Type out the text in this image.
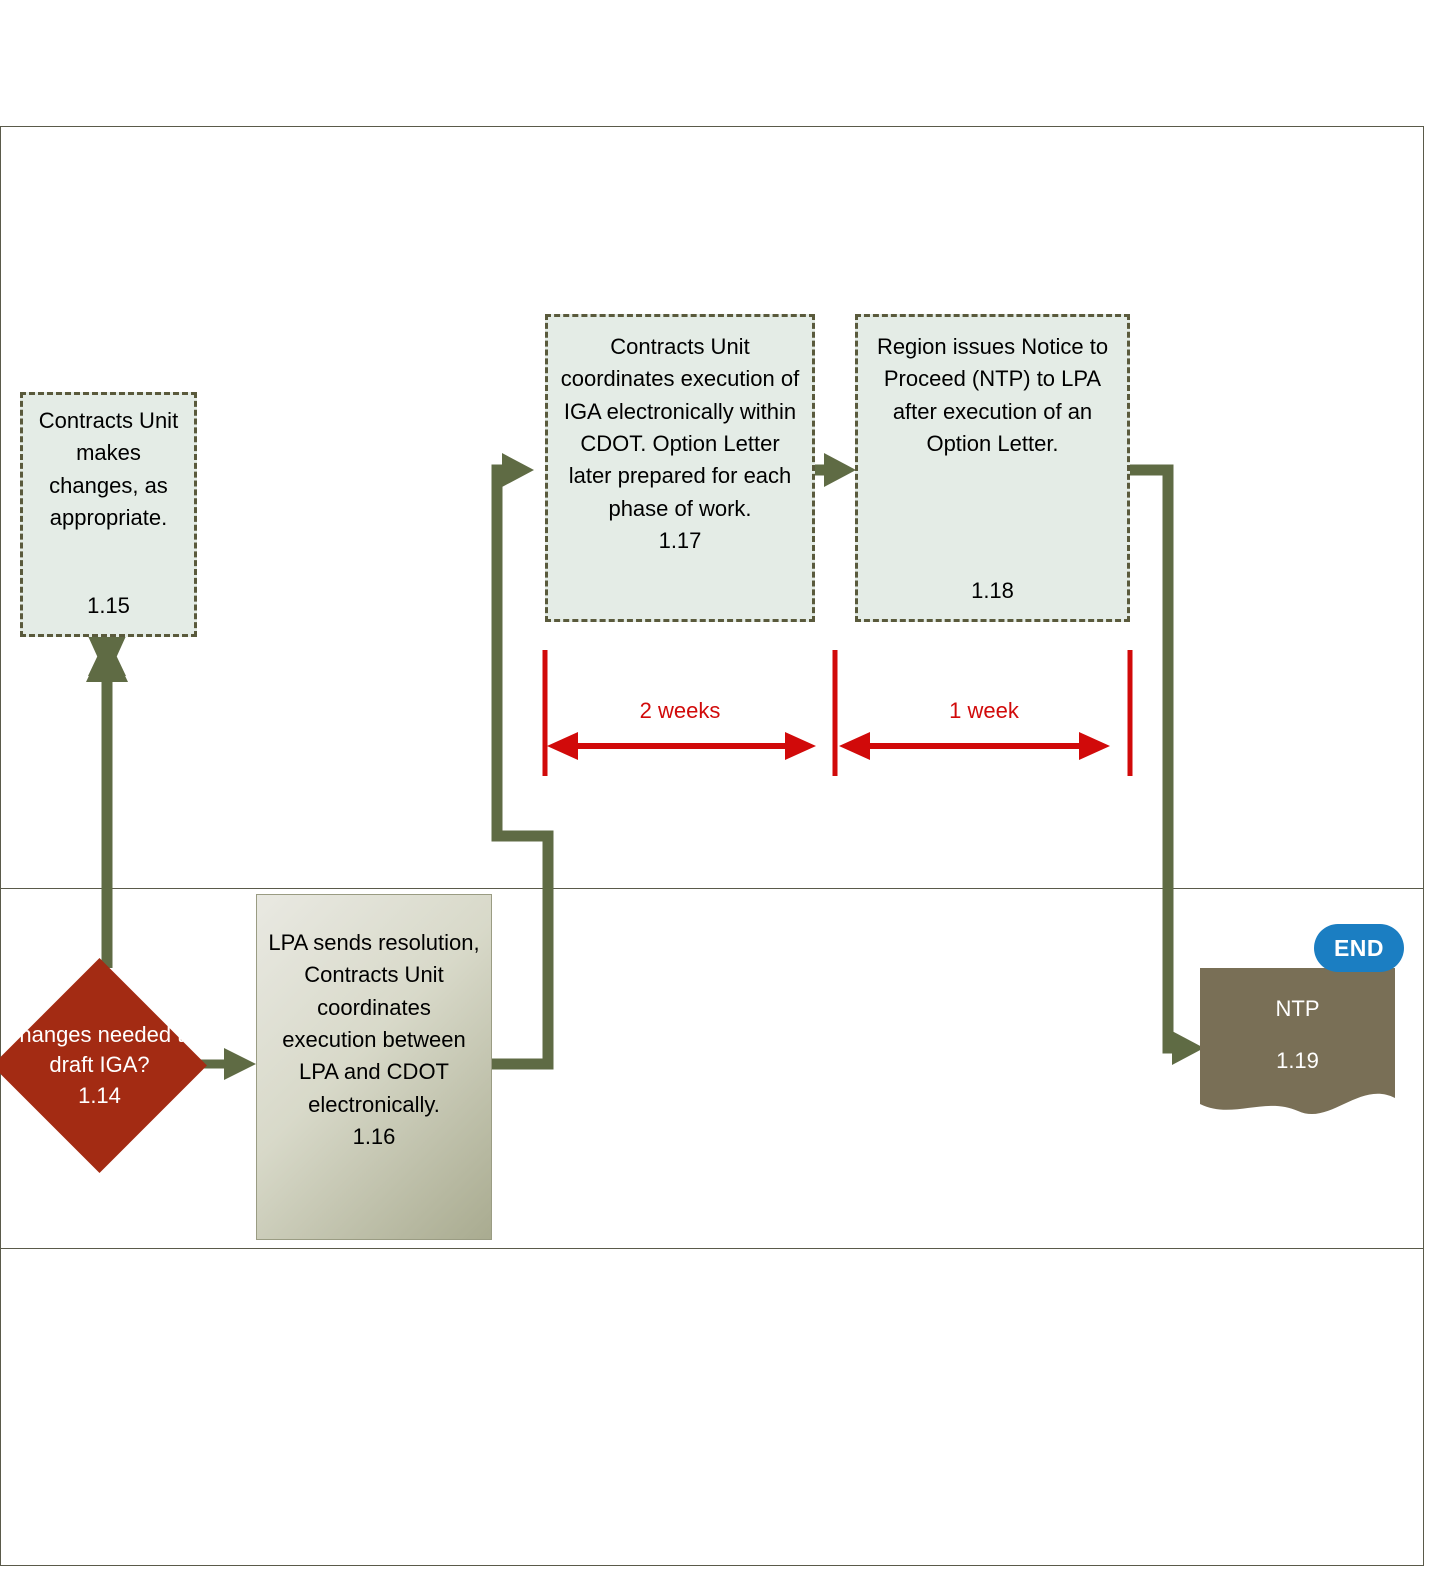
Contracts Unit makes changes, as appropriate.
1.15
Contracts Unit coordinates execution of IGA electronically within CDOT. Option Letter later prepared for each phase of work.
1.17
Region issues Notice to Proceed (NTP) to LPA after execution of an Option Letter.
1.18
Changes needed to draft IGA?
1.14
LPA sends resolution, Contracts Unit coordinates execution between LPA and CDOT electronically.
1.16
NTP
1.19
END
2 weeks	1 week
